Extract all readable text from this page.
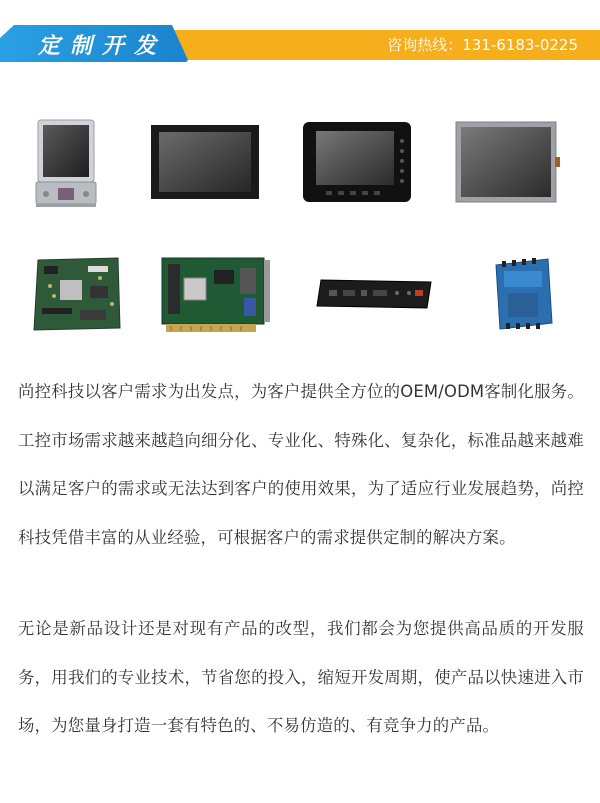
定制开发	咨询热线：131-6183-0225
尚控科技以客户需求为出发点，为客户提供全方位的OEM/ODM客制化服务。工控市场需求越来越趋向细分化、专业化、特殊化、复杂化，标准品越来越难以满足客户的需求或无法达到客户的使用效果，为了适应行业发展趋势，尚控科技凭借丰富的从业经验，可根据客户的需求提供定制的解决方案。
无论是新品设计还是对现有产品的改型，我们都会为您提供高品质的开发服务，用我们的专业技术，节省您的投入，缩短开发周期，使产品以快速进入市场，为您量身打造一套有特色的、不易仿造的、有竞争力的产品。
